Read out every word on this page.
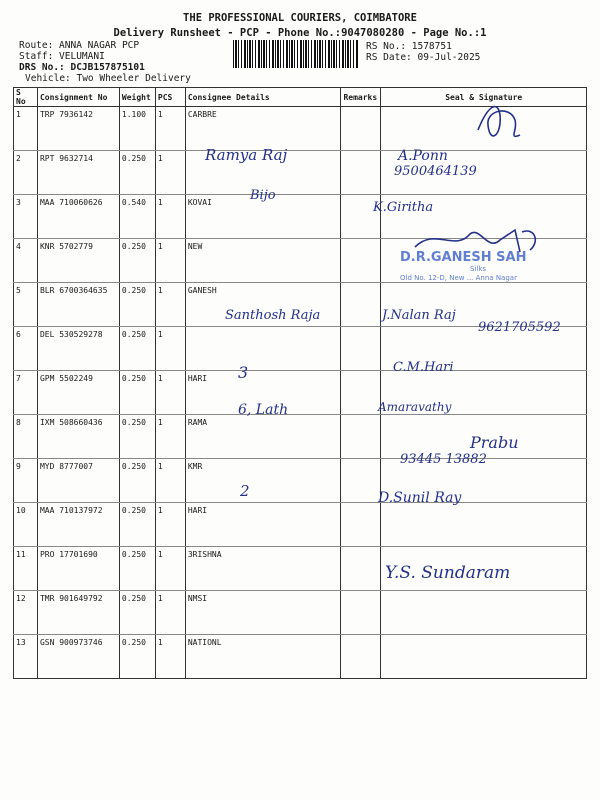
THE PROFESSIONAL COURIERS, COIMBATORE
Delivery Runsheet - PCP - Phone No.:9047080280 - Page No.:1
Route: ANNA NAGAR PCP
Staff: VELUMANI
DRS No.: DCJB157875101
Vehicle: Two Wheeler Delivery
RS No.: 1578751
RS Date: 09-Jul-2025
S No	Consignment No	Weight	PCS	Consignee Details	Remarks	Seal & Signature
1	TRP 7936142	1.100	1	CARBRE		
2	RPT 9632714	0.250	1			
3	MAA 710060626	0.540	1	KOVAI		
4	KNR 5702779	0.250	1	NEW		
5	BLR 6700364635	0.250	1	GANESH		
6	DEL 530529278	0.250	1			
7	GPM 5502249	0.250	1	HARI		
8	IXM 508660436	0.250	1	RAMA		
9	MYD 8777007	0.250	1	KMR		
10	MAA 710137972	0.250	1	HARI		
11	PRO 17701690	0.250	1	3RISHNA		
12	TMR 901649792	0.250	1	NMSI		
13	GSN 900973746	0.250	1	NATIONL		
Ramya Raj	A.Ponn
9500464139
Bijo
K.Giritha
Santhosh Raja	J.Nalan Raj
9621705592
3	C.M.Hari
6, Lath	Amaravathy
Prabu
93445 13882
2	D.Sunil Ray
Y.S. Sundaram
D.R.GANESH SAH
Silks
Old No. 12-D, New ... Anna Nagar
